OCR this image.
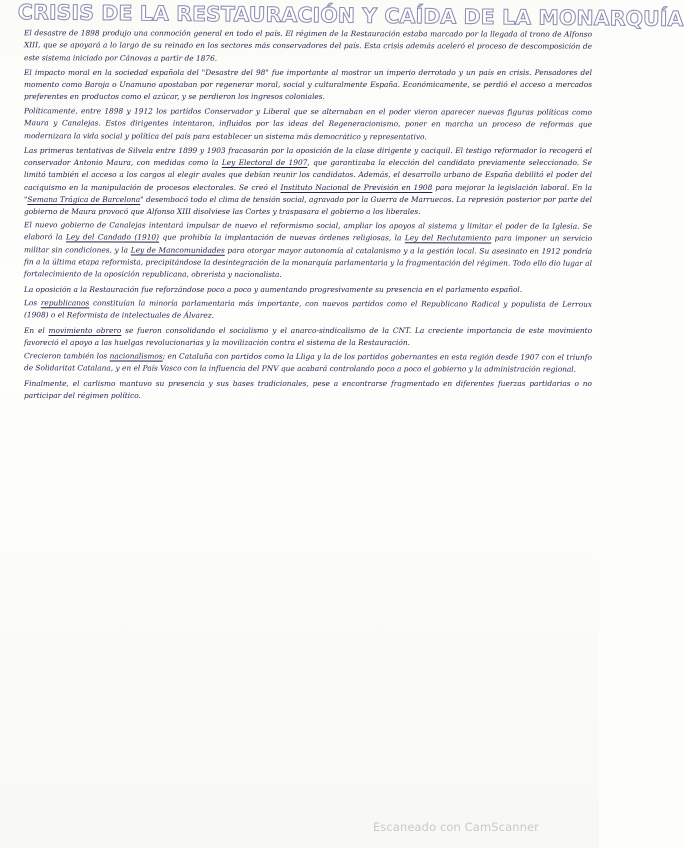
CRISIS DE LA RESTAURACIÓN Y CAÍDA DE LA MONARQUÍA

El desastre de 1898 produjo una conmoción general en todo el país. El régimen de la Restauración estaba marcado por la llegada al trono de Alfonso XIII, que se apoyará a lo largo de su reinado en los sectores más conservadores del país. Esta crisis además aceleró el proceso de descomposición de este sistema iniciado por Cánovas a partir de 1876.

El impacto moral en la sociedad española del "Desastre del 98" fue importante al mostrar un imperio derrotado y un país en crisis. Pensadores del momento como Baroja o Unamuno apostaban por regenerar moral, social y culturalmente España. Económicamente, se perdió el acceso a mercados preferentes en productos como el azúcar, y se perdieron los ingresos coloniales.

Políticamente, entre 1898 y 1912 los partidos Conservador y Liberal que se alternaban en el poder vieron aparecer nuevas figuras políticas como Maura y Canalejas. Estos dirigentes intentaron, influidos por las ideas del Regeneracionismo, poner en marcha un proceso de reformas que modernizara la vida social y política del país para establecer un sistema más democrático y representativo.

Las primeras tentativas de Silvela entre 1899 y 1903 fracasarán por la oposición de la clase dirigente y caciquil. El testigo reformador lo recogerá el conservador Antonio Maura, con medidas como la Ley Electoral de 1907, que garantizaba la elección del candidato previamente seleccionado. Se limitó también el acceso a los cargos al elegir avales que debían reunir los candidatos. Además, el desarrollo urbano de España debilitó el poder del caciquismo en la manipulación de procesos electorales. Se creó el Instituto Nacional de Previsión en 1908 para mejorar la legislación laboral. En la "Semana Trágica de Barcelona" desembocó todo el clima de tensión social, agravado por la Guerra de Marruecos. La represión posterior por parte del gobierno de Maura provocó que Alfonso XIII disolviese las Cortes y traspasara el gobierno a los liberales.

El nuevo gobierno de Canalejas intentará impulsar de nuevo el reformismo social, ampliar los apoyos al sistema y limitar el poder de la Iglesia. Se elaboró la Ley del Candado (1910) que prohibía la implantación de nuevas órdenes religiosas, la Ley del Reclutamiento para imponer un servicio militar sin condiciones, y la Ley de Mancomunidades para otorgar mayor autonomía al catalanismo y a la gestión local. Su asesinato en 1912 pondría fin a la última etapa reformista, precipitándose la desintegración de la monarquía parlamentaria y la fragmentación del régimen. Todo ello dio lugar al fortalecimiento de la oposición republicana, obrerista y nacionalista.

La oposición a la Restauración fue reforzándose poco a poco y aumentando progresivamente su presencia en el parlamento español.

Los republicanos constituían la minoría parlamentaria más importante, con nuevos partidos como el Republicano Radical y populista de Lerroux (1908) o el Reformista de intelectuales de Álvarez.

En el movimiento obrero se fueron consolidando el socialismo y el anarco-sindicalismo de la CNT. La creciente importancia de este movimiento favoreció el apoyo a las huelgas revolucionarias y la movilización contra el sistema de la Restauración.

Crecieron también los nacionalismos; en Cataluña con partidos como la Lliga y la de los partidos gobernantes en esta región desde 1907 con el triunfo de Solidaritat Catalana, y en el País Vasco con la influencia del PNV que acabará controlando poco a poco el gobierno y la administración regional.

Finalmente, el carlismo mantuvo su presencia y sus bases tradicionales, pese a encontrarse fragmentado en diferentes fuerzas partidarias o no participar del régimen político.

Escaneado con CamScanner
